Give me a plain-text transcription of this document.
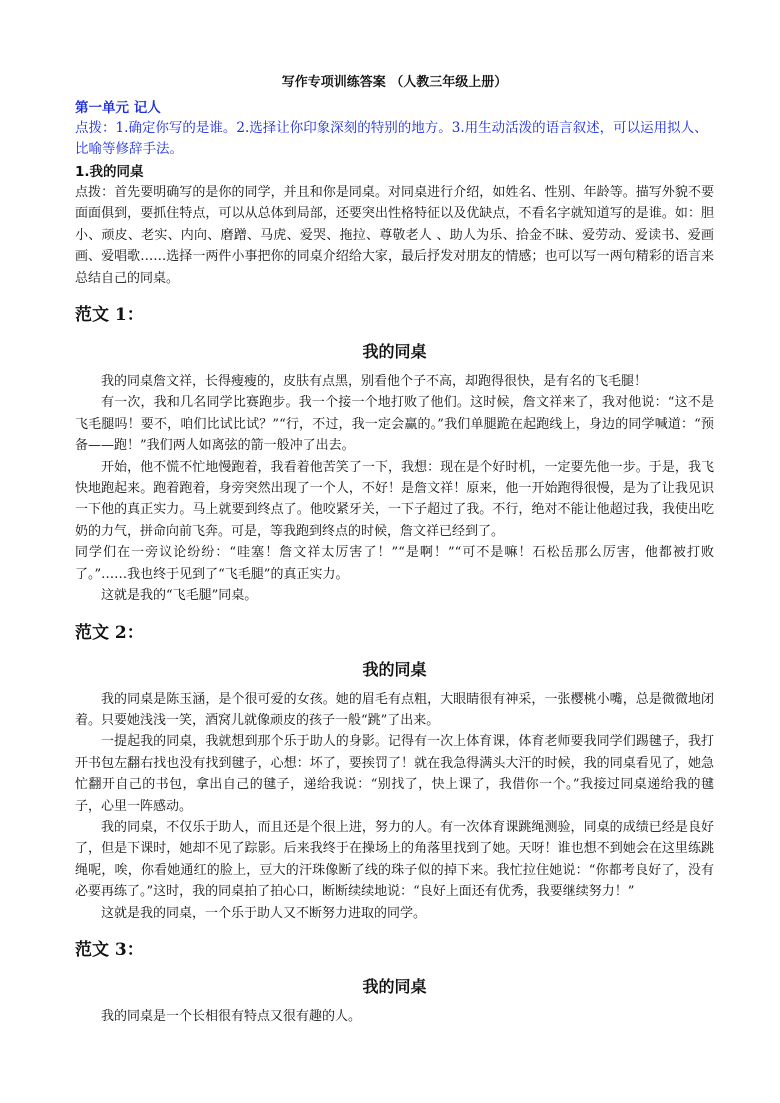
写作专项训练答案 （人教三年级上册）

第一单元 记人

点拨：1.确定你写的是谁。2.选择让你印象深刻的特别的地方。3.用生动活泼的语言叙述，可以运用拟人、比喻等修辞手法。

1.我的同桌

点拨：首先要明确写的是你的同学，并且和你是同桌。对同桌进行介绍，如姓名、性别、年龄等。描写外貌不要面面俱到，要抓住特点，可以从总体到局部，还要突出性格特征以及优缺点，不看名字就知道写的是谁。如：胆小、顽皮、老实、内向、磨蹭、马虎、爱哭、拖拉、尊敬老人 、助人为乐、拾金不昧、爱劳动、爱读书、爱画画、爱唱歌……选择一两件小事把你的同桌介绍给大家，最后抒发对朋友的情感；也可以写一两句精彩的语言来总结自己的同桌。

范文 1：

我的同桌

我的同桌詹文祥，长得瘦瘦的，皮肤有点黑，别看他个子不高，却跑得很快，是有名的飞毛腿！

有一次，我和几名同学比赛跑步。我一个接一个地打败了他们。这时候，詹文祥来了，我对他说：“这不是飞毛腿吗！要不，咱们比试比试？”“行，不过，我一定会赢的。”我们单腿跪在起跑线上，身边的同学喊道：“预备——跑！”我们两人如离弦的箭一般冲了出去。

开始，他不慌不忙地慢跑着，我看着他苦笑了一下，我想：现在是个好时机，一定要先他一步。于是，我飞快地跑起来。跑着跑着，身旁突然出现了一个人，不好！是詹文祥！原来，他一开始跑得很慢，是为了让我见识一下他的真正实力。马上就要到终点了。他咬紧牙关，一下子超过了我。不行，绝对不能让他超过我，我使出吃奶的力气，拼命向前飞奔。可是，等我跑到终点的时候，詹文祥已经到了。

同学们在一旁议论纷纷：“哇塞！詹文祥太厉害了！”“是啊！”“可不是嘛！石松岳那么厉害，他都被打败了。”……我也终于见到了“飞毛腿”的真正实力。

这就是我的“飞毛腿”同桌。

范文 2：

我的同桌

我的同桌是陈玉涵，是个很可爱的女孩。她的眉毛有点粗，大眼睛很有神采，一张樱桃小嘴，总是微微地闭着。只要她浅浅一笑，酒窝儿就像顽皮的孩子一般“跳”了出来。

一提起我的同桌，我就想到那个乐于助人的身影。记得有一次上体育课，体育老师要我同学们踢毽子，我打开书包左翻右找也没有找到毽子，心想：坏了，要挨罚了！就在我急得满头大汗的时候，我的同桌看见了，她急忙翻开自己的书包，拿出自己的毽子，递给我说：“别找了，快上课了，我借你一个。”我接过同桌递给我的毽子，心里一阵感动。

我的同桌，不仅乐于助人，而且还是个很上进，努力的人。有一次体育课跳绳测验，同桌的成绩已经是良好了，但是下课时，她却不见了踪影。后来我终于在操场上的角落里找到了她。天呀！谁也想不到她会在这里练跳绳呢，唉，你看她通红的脸上，豆大的汗珠像断了线的珠子似的掉下来。我忙拉住她说：“你都考良好了，没有必要再练了。”这时，我的同桌拍了拍心口，断断续续地说：“良好上面还有优秀，我要继续努力！”

这就是我的同桌，一个乐于助人又不断努力进取的同学。

范文 3：

我的同桌

我的同桌是一个长相很有特点又很有趣的人。
